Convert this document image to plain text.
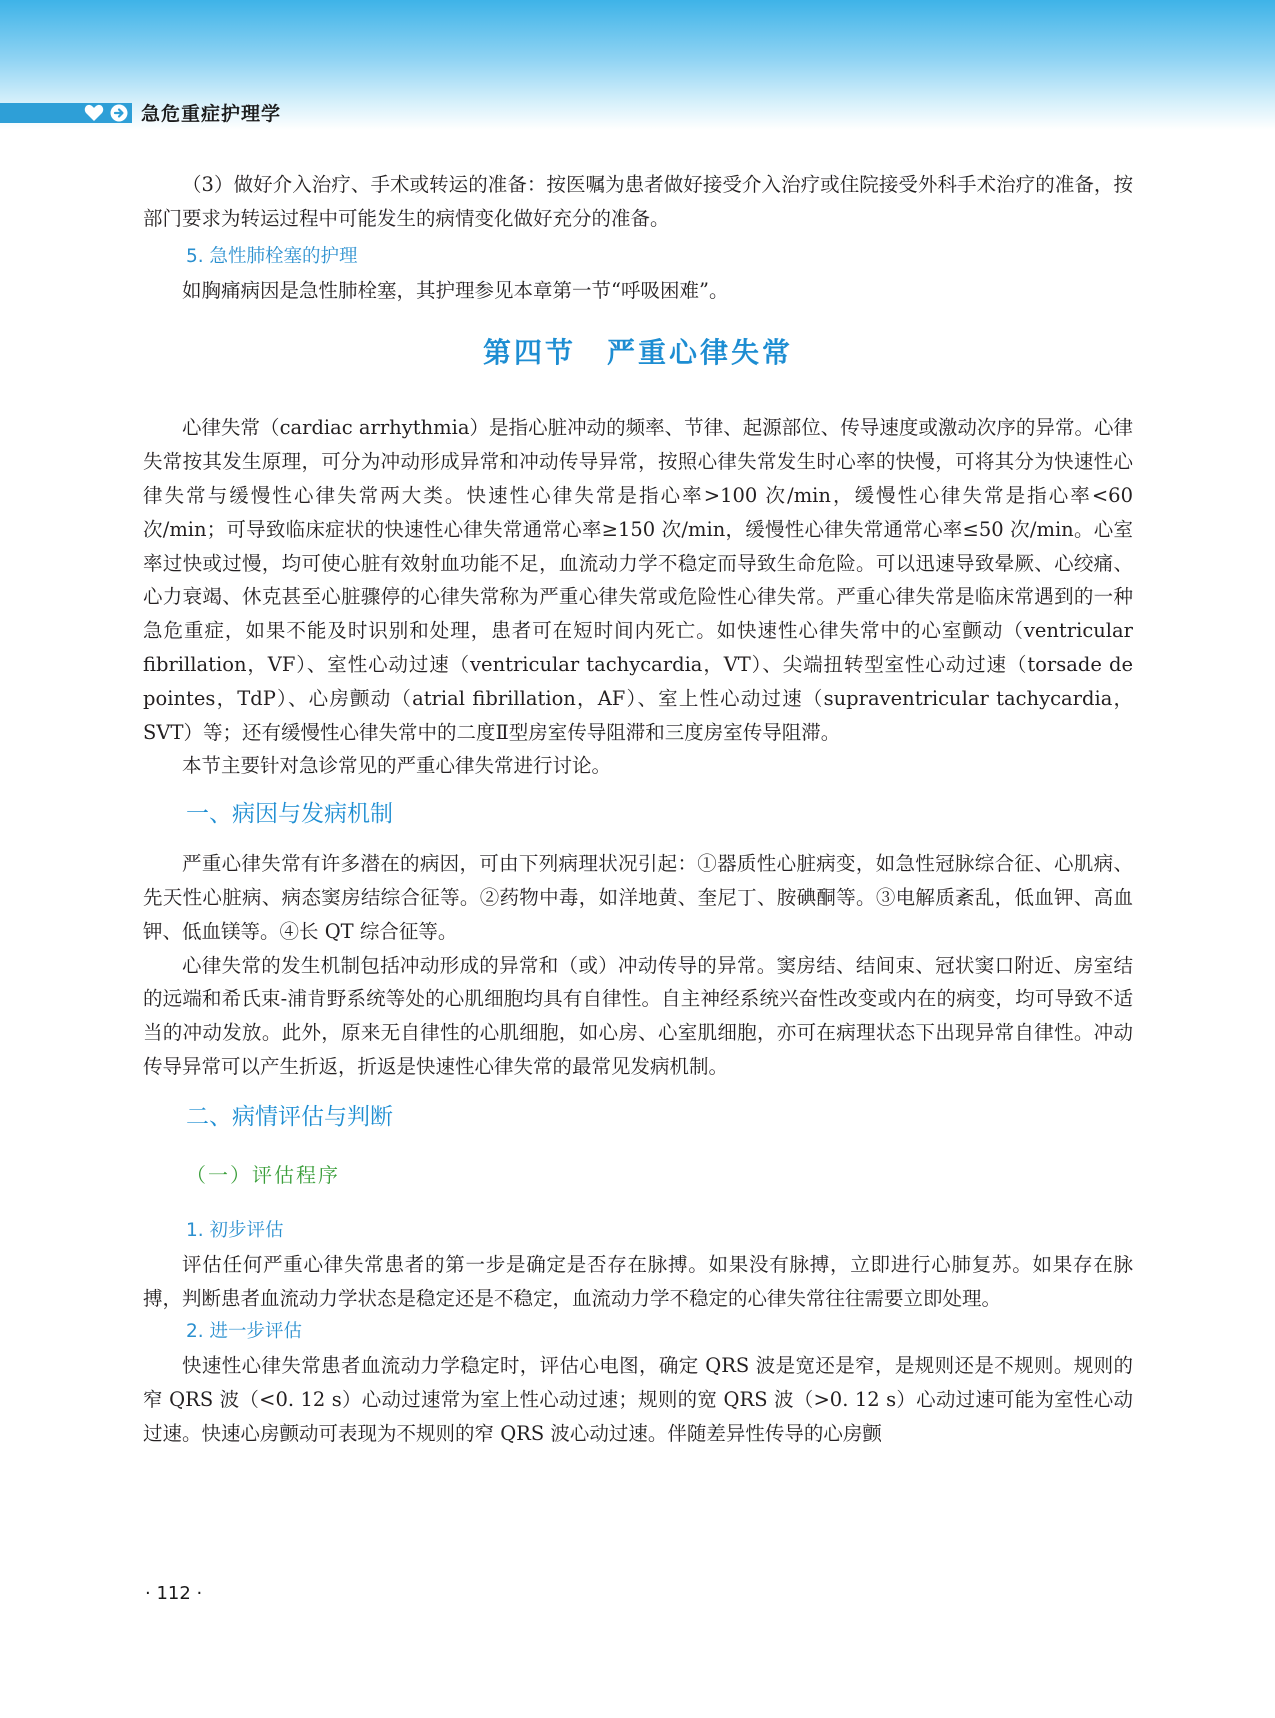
急危重症护理学

（3）做好介入治疗、手术或转运的准备：按医嘱为患者做好接受介入治疗或住院接受外科手术治疗的准备，按部门要求为转运过程中可能发生的病情变化做好充分的准备。

5. 急性肺栓塞的护理

如胸痛病因是急性肺栓塞，其护理参见本章第一节“呼吸困难”。

第四节　严重心律失常

心律失常（cardiac arrhythmia）是指心脏冲动的频率、节律、起源部位、传导速度或激动次序的异常。心律失常按其发生原理，可分为冲动形成异常和冲动传导异常，按照心律失常发生时心率的快慢，可将其分为快速性心律失常与缓慢性心律失常两大类。快速性心律失常是指心率>100 次/min，缓慢性心律失常是指心率<60 次/min；可导致临床症状的快速性心律失常通常心率≥150 次/min，缓慢性心律失常通常心率≤50 次/min。心室率过快或过慢，均可使心脏有效射血功能不足，血流动力学不稳定而导致生命危险。可以迅速导致晕厥、心绞痛、心力衰竭、休克甚至心脏骤停的心律失常称为严重心律失常或危险性心律失常。严重心律失常是临床常遇到的一种急危重症，如果不能及时识别和处理，患者可在短时间内死亡。如快速性心律失常中的心室颤动（ventricular fibrillation，VF）、室性心动过速（ventricular tachycardia，VT）、尖端扭转型室性心动过速（torsade de pointes，TdP）、心房颤动（atrial fibrillation，AF）、室上性心动过速（supraventricular tachycardia，SVT）等；还有缓慢性心律失常中的二度Ⅱ型房室传导阻滞和三度房室传导阻滞。

本节主要针对急诊常见的严重心律失常进行讨论。

一、病因与发病机制

严重心律失常有许多潜在的病因，可由下列病理状况引起：①器质性心脏病变，如急性冠脉综合征、心肌病、先天性心脏病、病态窦房结综合征等。②药物中毒，如洋地黄、奎尼丁、胺碘酮等。③电解质紊乱，低血钾、高血钾、低血镁等。④长 QT 综合征等。

心律失常的发生机制包括冲动形成的异常和（或）冲动传导的异常。窦房结、结间束、冠状窦口附近、房室结的远端和希氏束-浦肯野系统等处的心肌细胞均具有自律性。自主神经系统兴奋性改变或内在的病变，均可导致不适当的冲动发放。此外，原来无自律性的心肌细胞，如心房、心室肌细胞，亦可在病理状态下出现异常自律性。冲动传导异常可以产生折返，折返是快速性心律失常的最常见发病机制。

二、病情评估与判断
（一）评估程序
1. 初步评估

评估任何严重心律失常患者的第一步是确定是否存在脉搏。如果没有脉搏，立即进行心肺复苏。如果存在脉搏，判断患者血流动力学状态是稳定还是不稳定，血流动力学不稳定的心律失常往往需要立即处理。

2. 进一步评估

快速性心律失常患者血流动力学稳定时，评估心电图，确定 QRS 波是宽还是窄，是规则还是不规则。规则的窄 QRS 波（<0. 12 s）心动过速常为室上性心动过速；规则的宽 QRS 波（>0. 12 s）心动过速可能为室性心动过速。快速心房颤动可表现为不规则的窄 QRS 波心动过速。伴随差异性传导的心房颤

· 112 ·
